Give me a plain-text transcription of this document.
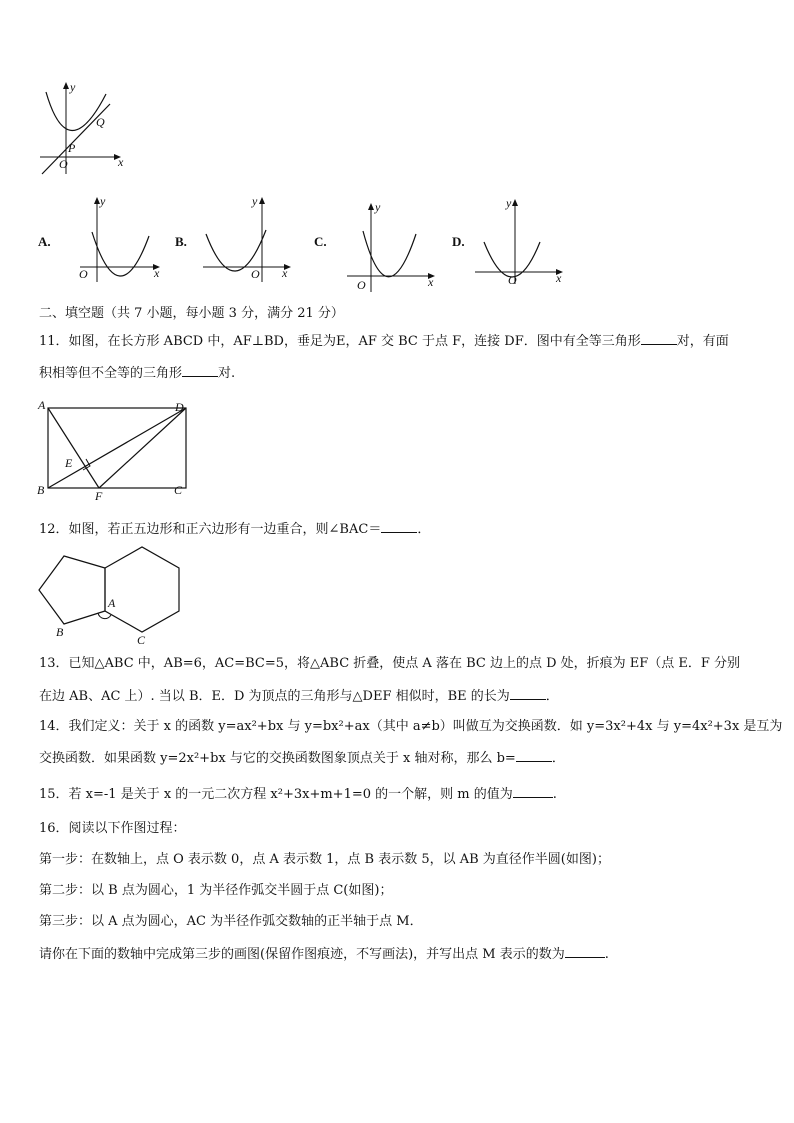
y
x
O
P
Q
A.
y
x
O
B.
y
x
O
C.
y
x
O
D.
y
x
O
二、填空题（共 7 小题，每小题 3 分，满分 21 分）
11．如图，在长方形 ABCD 中，AF⊥BD，垂足为E，AF 交 BC 于点 F，连接 DF．图中有全等三角形	对，有面
积相等但不全等的三角形	对.
A	D
E
B	F	C
12．如图，若正五边形和正六边形有一边重合，则∠BAC＝	．
A
B
C
13．已知△ABC 中，AB=6，AC=BC=5，将△ABC 折叠，使点 A 落在 BC 边上的点 D 处，折痕为 EF（点 E．F 分别
在边 AB、AC 上）. 当以 B．E．D 为顶点的三角形与△DEF 相似时，BE 的长为	．
14．我们定义：关于 x 的函数 y=ax²+bx 与 y=bx²+ax（其中 a≠b）叫做互为交换函数．如 y=3x²+4x 与 y=4x²+3x 是互为
交换函数．如果函数 y=2x²+bx 与它的交换函数图象顶点关于 x 轴对称，那么 b=	．
15．若 x=-1 是关于 x 的一元二次方程 x²+3x+m+1=0 的一个解，则 m 的值为	.
16．阅读以下作图过程：
第一步：在数轴上，点 O 表示数 0，点 A 表示数 1，点 B 表示数 5，以 AB 为直径作半圆(如图)；
第二步：以 B 点为圆心，1 为半径作弧交半圆于点 C(如图)；
第三步：以 A 点为圆心，AC 为半径作弧交数轴的正半轴于点 M．
请你在下面的数轴中完成第三步的画图(保留作图痕迹，不写画法)，并写出点 M 表示的数为	.
